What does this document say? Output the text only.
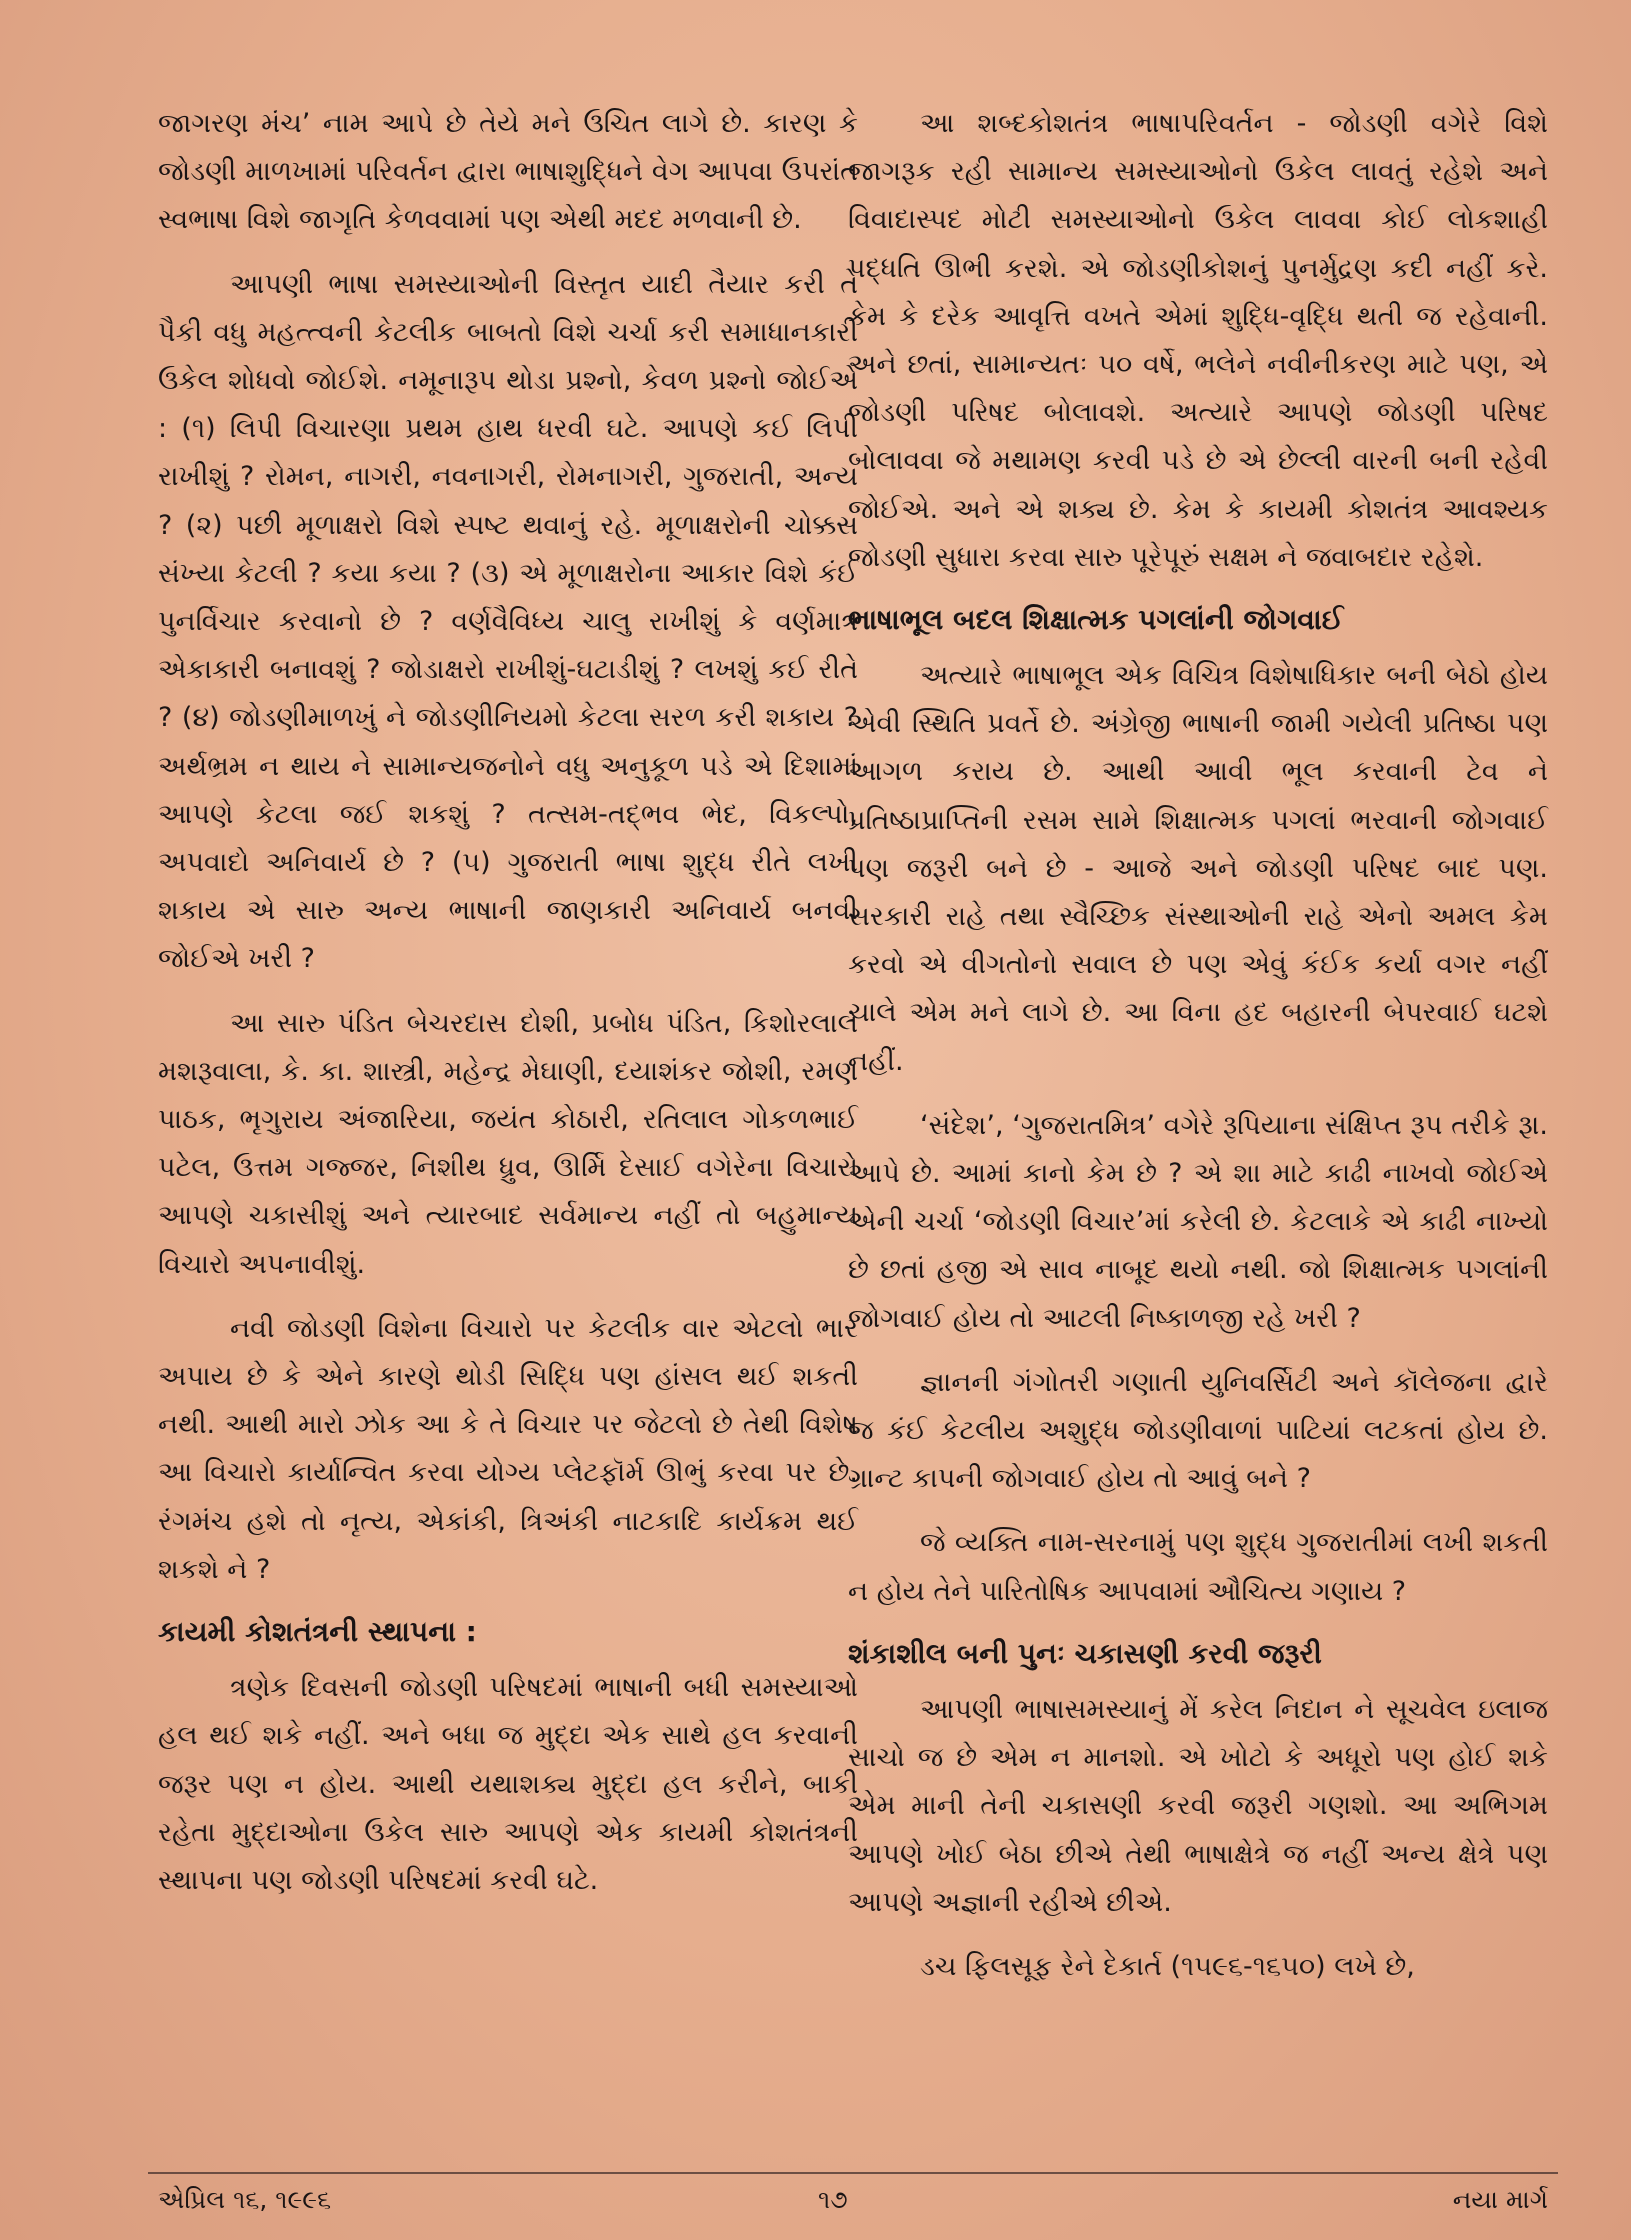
જાગરણ મંચ’ નામ આપે છે તેયે મને ઉચિત લાગે છે. કારણ કે જોડણી માળખામાં પરિવર્તન દ્વારા ભાષાશુદ્ધિને વેગ આપવા ઉપરાંત સ્વભાષા વિશે જાગૃતિ કેળવવામાં પણ એથી મદદ મળવાની છે.

આપણી ભાષા સમસ્યાઓની વિસ્તૃત યાદી તૈયાર કરી તે પૈકી વધુ મહત્ત્વની કેટલીક બાબતો વિશે ચર્ચા કરી સમાધાનકારી ઉકેલ શોધવો જોઈશે. નમૂનારૂપ થોડા પ્રશ્નો, કેવળ પ્રશ્નો જોઈએ : (૧) લિપી વિચારણા પ્રથમ હાથ ધરવી ઘટે. આપણે કઈ લિપી રાખીશું ? રોમન, નાગરી, નવનાગરી, રોમનાગરી, ગુજરાતી, અન્ય ? (૨) પછી મૂળાક્ષરો વિશે સ્પષ્ટ થવાનું રહે. મૂળાક્ષરોની ચોક્કસ સંખ્યા કેટલી ? કયા કયા ? (૩) એ મૂળાક્ષરોના આકાર વિશે કંઈ પુનર્વિચાર કરવાનો છે ? વર્ણવૈવિધ્ય ચાલુ રાખીશું કે વર્ણમાત્ર એકાકારી બનાવશું ? જોડાક્ષરો રાખીશું-ઘટાડીશું ? લખશું કઈ રીતે ? (૪) જોડણીમાળખું ને જોડણીનિયમો કેટલા સરળ કરી શકાય ? અર્થભ્રમ ન થાય ને સામાન્યજનોને વધુ અનુકૂળ પડે એ દિશામાં આપણે કેટલા જઈ શકશું ? તત્સમ-તદ્ભવ ભેદ, વિકલ્પો, અપવાદો અનિવાર્ય છે ? (૫) ગુજરાતી ભાષા શુદ્ધ રીતે લખી શકાય એ સારુ અન્ય ભાષાની જાણકારી અનિવાર્ય બનવી જોઈએ ખરી ?

આ સારુ પંડિત બેચરદાસ દોશી, પ્રબોધ પંડિત, કિશોરલાલ મશરૂવાલા, કે. કા. શાસ્ત્રી, મહેન્દ્ર મેઘાણી, દયાશંકર જોશી, રમણ પાઠક, ભૃગુરાય અંજારિયા, જયંત કોઠારી, રતિલાલ ગોકળભાઈ પટેલ, ઉત્તમ ગજ્જર, નિશીથ ધ્રુવ, ઊર્મિ દેસાઈ વગેરેના વિચારો આપણે ચકાસીશું અને ત્યારબાદ સર્વમાન્ય નહીં તો બહુમાન્ય વિચારો અપનાવીશું.

નવી જોડણી વિશેના વિચારો પર કેટલીક વાર એટલો ભાર અપાય છે કે એને કારણે થોડી સિદ્ધિ પણ હાંસલ થઈ શકતી નથી. આથી મારો ઝોક આ કે તે વિચાર પર જેટલો છે તેથી વિશેષ આ વિચારો કાર્યાન્વિત કરવા યોગ્ય પ્લેટફૉર્મ ઊભું કરવા પર છે. રંગમંચ હશે તો નૃત્ય, એકાંકી, ત્રિઅંકી નાટકાદિ કાર્યક્રમ થઈ શકશે ને ?

કાયમી કોશતંત્રની સ્થાપના :

ત્રણેક દિવસની જોડણી પરિષદમાં ભાષાની બધી સમસ્યાઓ હલ થઈ શકે નહીં. અને બધા જ મુદ્દા એક સાથે હલ કરવાની જરૂર પણ ન હોય. આથી યથાશક્ય મુદ્દા હલ કરીને, બાકી રહેતા મુદ્દાઓના ઉકેલ સારુ આપણે એક કાયમી કોશતંત્રની સ્થાપના પણ જોડણી પરિષદમાં કરવી ઘટે.

આ શબ્દકોશતંત્ર ભાષાપરિવર્તન - જોડણી વગેરે વિશે જાગરૂક રહી સામાન્ય સમસ્યાઓનો ઉકેલ લાવતું રહેશે અને વિવાદાસ્પદ મોટી સમસ્યાઓનો ઉકેલ લાવવા કોઈ લોકશાહી પદ્ધતિ ઊભી કરશે. એ જોડણીકોશનું પુનર્મુદ્રણ કદી નહીં કરે. કેમ કે દરેક આવૃત્તિ વખતે એમાં શુદ્ધિ-વૃદ્ધિ થતી જ રહેવાની. અને છતાં, સામાન્યતઃ ૫૦ વર્ષે, ભલેને નવીનીકરણ માટે પણ, એ જોડણી પરિષદ બોલાવશે. અત્યારે આપણે જોડણી પરિષદ બોલાવવા જે મથામણ કરવી પડે છે એ છેલ્લી વારની બની રહેવી જોઈએ. અને એ શક્ય છે. કેમ કે કાયમી કોશતંત્ર આવશ્યક જોડણી સુધારા કરવા સારુ પૂરેપૂરું સક્ષમ ને જવાબદાર રહેશે.

ભાષાભૂલ બદલ શિક્ષાત્મક પગલાંની જોગવાઈ

અત્યારે ભાષાભૂલ એક વિચિત્ર વિશેષાધિકાર બની બેઠો હોય એવી સ્થિતિ પ્રવર્તે છે. અંગ્રેજી ભાષાની જામી ગયેલી પ્રતિષ્ઠા પણ આગળ કરાય છે. આથી આવી ભૂલ કરવાની ટેવ ને પ્રતિષ્ઠાપ્રાપ્તિની રસમ સામે શિક્ષાત્મક પગલાં ભરવાની જોગવાઈ પણ જરૂરી બને છે - આજે અને જોડણી પરિષદ બાદ પણ. સરકારી રાહે તથા સ્વૈચ્છિક સંસ્થાઓની રાહે એનો અમલ કેમ કરવો એ વીગતોનો સવાલ છે પણ એવું કંઈક કર્યા વગર નહીં ચાલે એમ મને લાગે છે. આ વિના હદ બહારની બેપરવાઈ ઘટશે નહીં.

‘સંદેશ’, ‘ગુજરાતમિત્ર’ વગેરે રૂપિયાના સંક્ષિપ્ત રૂપ તરીકે રૂા. આપે છે. આમાં કાનો કેમ છે ? એ શા માટે કાઢી નાખવો જોઈએ એની ચર્ચા ‘જોડણી વિચાર’માં કરેલી છે. કેટલાકે એ કાઢી નાખ્યો છે છતાં હજી એ સાવ નાબૂદ થયો નથી. જો શિક્ષાત્મક પગલાંની જોગવાઈ હોય તો આટલી નિષ્કાળજી રહે ખરી ?

જ્ઞાનની ગંગોતરી ગણાતી યુનિવર્સિટી અને કૉલેજના દ્વારે જ કંઈ કેટલીય અશુદ્ધ જોડણીવાળાં પાટિયાં લટકતાં હોય છે. ગ્રાન્ટ કાપની જોગવાઈ હોય તો આવું બને ?

જે વ્યક્તિ નામ-સરનામું પણ શુદ્ધ ગુજરાતીમાં લખી શકતી ન હોય તેને પારિતોષિક આપવામાં ઔચિત્ય ગણાય ?

શંકાશીલ બની પુનઃ ચકાસણી કરવી જરૂરી

આપણી ભાષાસમસ્યાનું મેં કરેલ નિદાન ને સૂચવેલ ઇલાજ સાચો જ છે એમ ન માનશો. એ ખોટો કે અધૂરો પણ હોઈ શકે એમ માની તેની ચકાસણી કરવી જરૂરી ગણશો. આ અભિગમ આપણે ખોઈ બેઠા છીએ તેથી ભાષાક્ષેત્રે જ નહીં અન્ય ક્ષેત્રે પણ આપણે અજ્ઞાની રહીએ છીએ.

ડચ ફિલસૂફ રેને દેકાર્ત (૧૫૯૬-૧૬૫૦) લખે છે,

એપ્રિલ ૧૬, ૧૯૯૬	૧૭	નયા માર્ગ
